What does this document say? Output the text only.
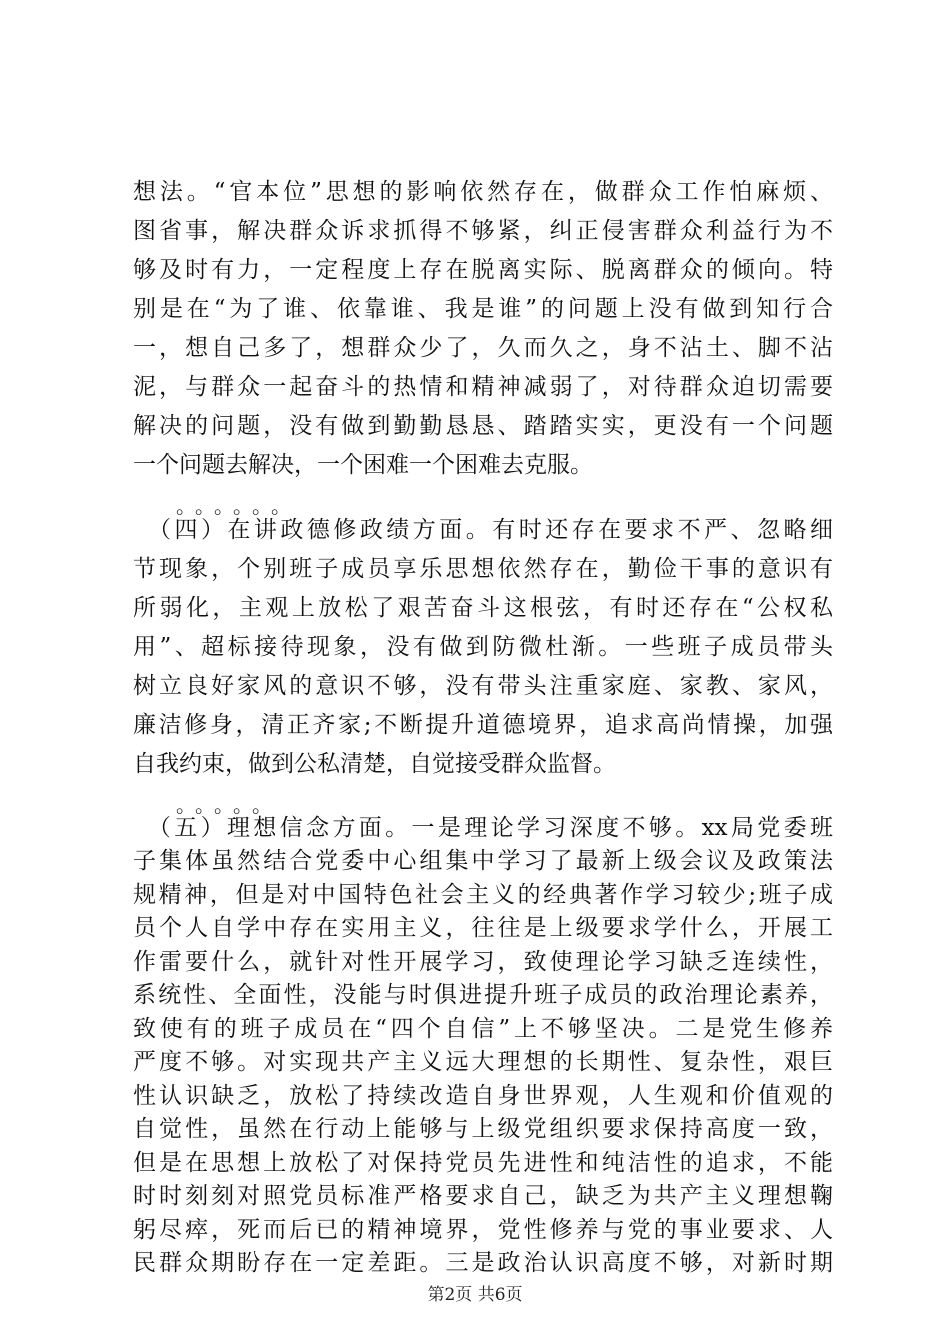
想法。“官本位”思想的影响依然存在，做群众工作怕麻烦、
图省事，解决群众诉求抓得不够紧，纠正侵害群众利益行为不
够及时有力，一定程度上存在脱离实际、脱离群众的倾向。特
别是在“为了谁、依靠谁、我是谁”的问题上没有做到知行合
一，想自己多了，想群众少了，久而久之，身不沾土、脚不沾
泥，与群众一起奋斗的热情和精神减弱了，对待群众迫切需要
解决的问题，没有做到勤勤恳恳、踏踏实实，更没有一个问题
一个问题去解决，一个困难一个困难去克服。
。。。。。。
　（四）在讲政德修政绩方面。有时还存在要求不严、忽略细
节现象，个别班子成员享乐思想依然存在，勤俭干事的意识有
所弱化，主观上放松了艰苦奋斗这根弦，有时还存在“公权私
用”、超标接待现象，没有做到防微杜渐。一些班子成员带头
树立良好家风的意识不够，没有带头注重家庭、家教、家风，
廉洁修身，清正齐家;不断提升道德境界，追求高尚情操，加强
自我约束，做到公私清楚，自觉接受群众监督。
。。。。。
　（五）理想信念方面。一是理论学习深度不够。xx局党委班
子集体虽然结合党委中心组集中学习了最新上级会议及政策法
规精神，但是对中国特色社会主义的经典著作学习较少;班子成
员个人自学中存在实用主义，往往是上级要求学什么，开展工
作雷要什么，就针对性开展学习，致使理论学习缺乏连续性，
系统性、全面性，没能与时俱进提升班子成员的政治理论素养，
致使有的班子成员在“四个自信”上不够坚决。二是党生修养
严度不够。对实现共产主义远大理想的长期性、复杂性，艰巨
性认识缺乏，放松了持续改造自身世界观，人生观和价值观的
自觉性，虽然在行动上能够与上级党组织要求保持高度一致，
但是在思想上放松了对保持党员先进性和纯洁性的追求，不能
时时刻刻对照党员标准严格要求自己，缺乏为共产主义理想鞠
躬尽瘁，死而后已的精神境界，党性修养与党的事业要求、人
民群众期盼存在一定差距。三是政治认识高度不够，对新时期
第2页 共6页
